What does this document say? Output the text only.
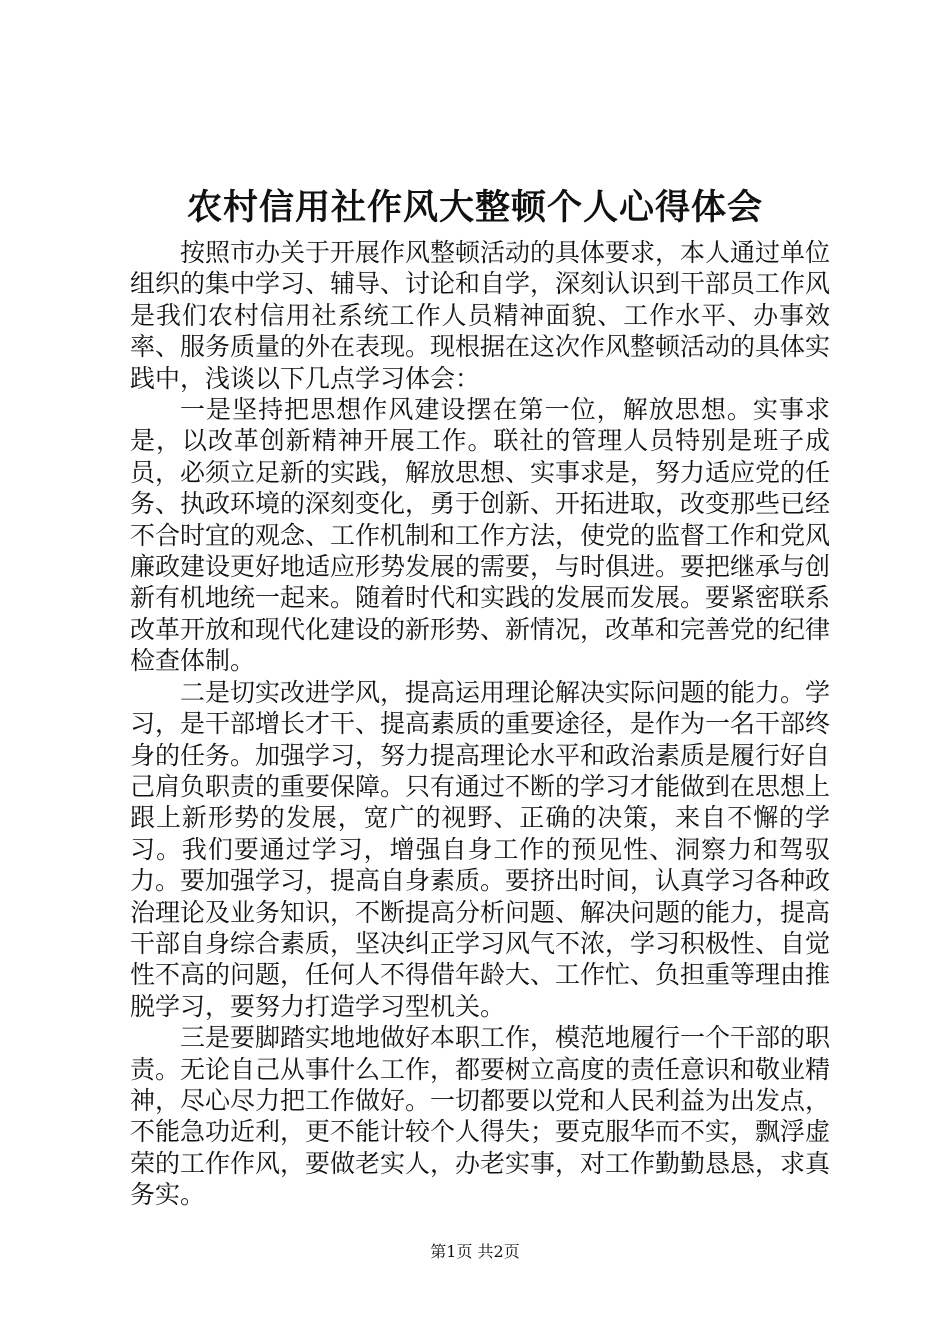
农村信用社作风大整顿个人心得体会

按照市办关于开展作风整顿活动的具体要求，本人通过单位组织的集中学习、辅导、讨论和自学，深刻认识到干部员工作风是我们农村信用社系统工作人员精神面貌、工作水平、办事效率、服务质量的外在表现。现根据在这次作风整顿活动的具体实践中，浅谈以下几点学习体会：

一是坚持把思想作风建设摆在第一位，解放思想。实事求是，以改革创新精神开展工作。联社的管理人员特别是班子成员，必须立足新的实践，解放思想、实事求是，努力适应党的任务、执政环境的深刻变化，勇于创新、开拓进取，改变那些已经不合时宜的观念、工作机制和工作方法，使党的监督工作和党风廉政建设更好地适应形势发展的需要，与时俱进。要把继承与创新有机地统一起来。随着时代和实践的发展而发展。要紧密联系改革开放和现代化建设的新形势、新情况，改革和完善党的纪律检查体制。

二是切实改进学风，提高运用理论解决实际问题的能力。学习，是干部增长才干、提高素质的重要途径，是作为一名干部终身的任务。加强学习，努力提高理论水平和政治素质是履行好自己肩负职责的重要保障。只有通过不断的学习才能做到在思想上跟上新形势的发展，宽广的视野、正确的决策，来自不懈的学习。我们要通过学习，增强自身工作的预见性、洞察力和驾驭力。要加强学习，提高自身素质。要挤出时间，认真学习各种政治理论及业务知识，不断提高分析问题、解决问题的能力，提高干部自身综合素质，坚决纠正学习风气不浓，学习积极性、自觉性不高的问题，任何人不得借年龄大、工作忙、负担重等理由推脱学习，要努力打造学习型机关。

三是要脚踏实地地做好本职工作，模范地履行一个干部的职责。无论自己从事什么工作，都要树立高度的责任意识和敬业精神，尽心尽力把工作做好。一切都要以党和人民利益为出发点，不能急功近利，更不能计较个人得失；要克服华而不实，飘浮虚荣的工作作风，要做老实人，办老实事，对工作勤勤恳恳，求真务实。

第1页 共2页
